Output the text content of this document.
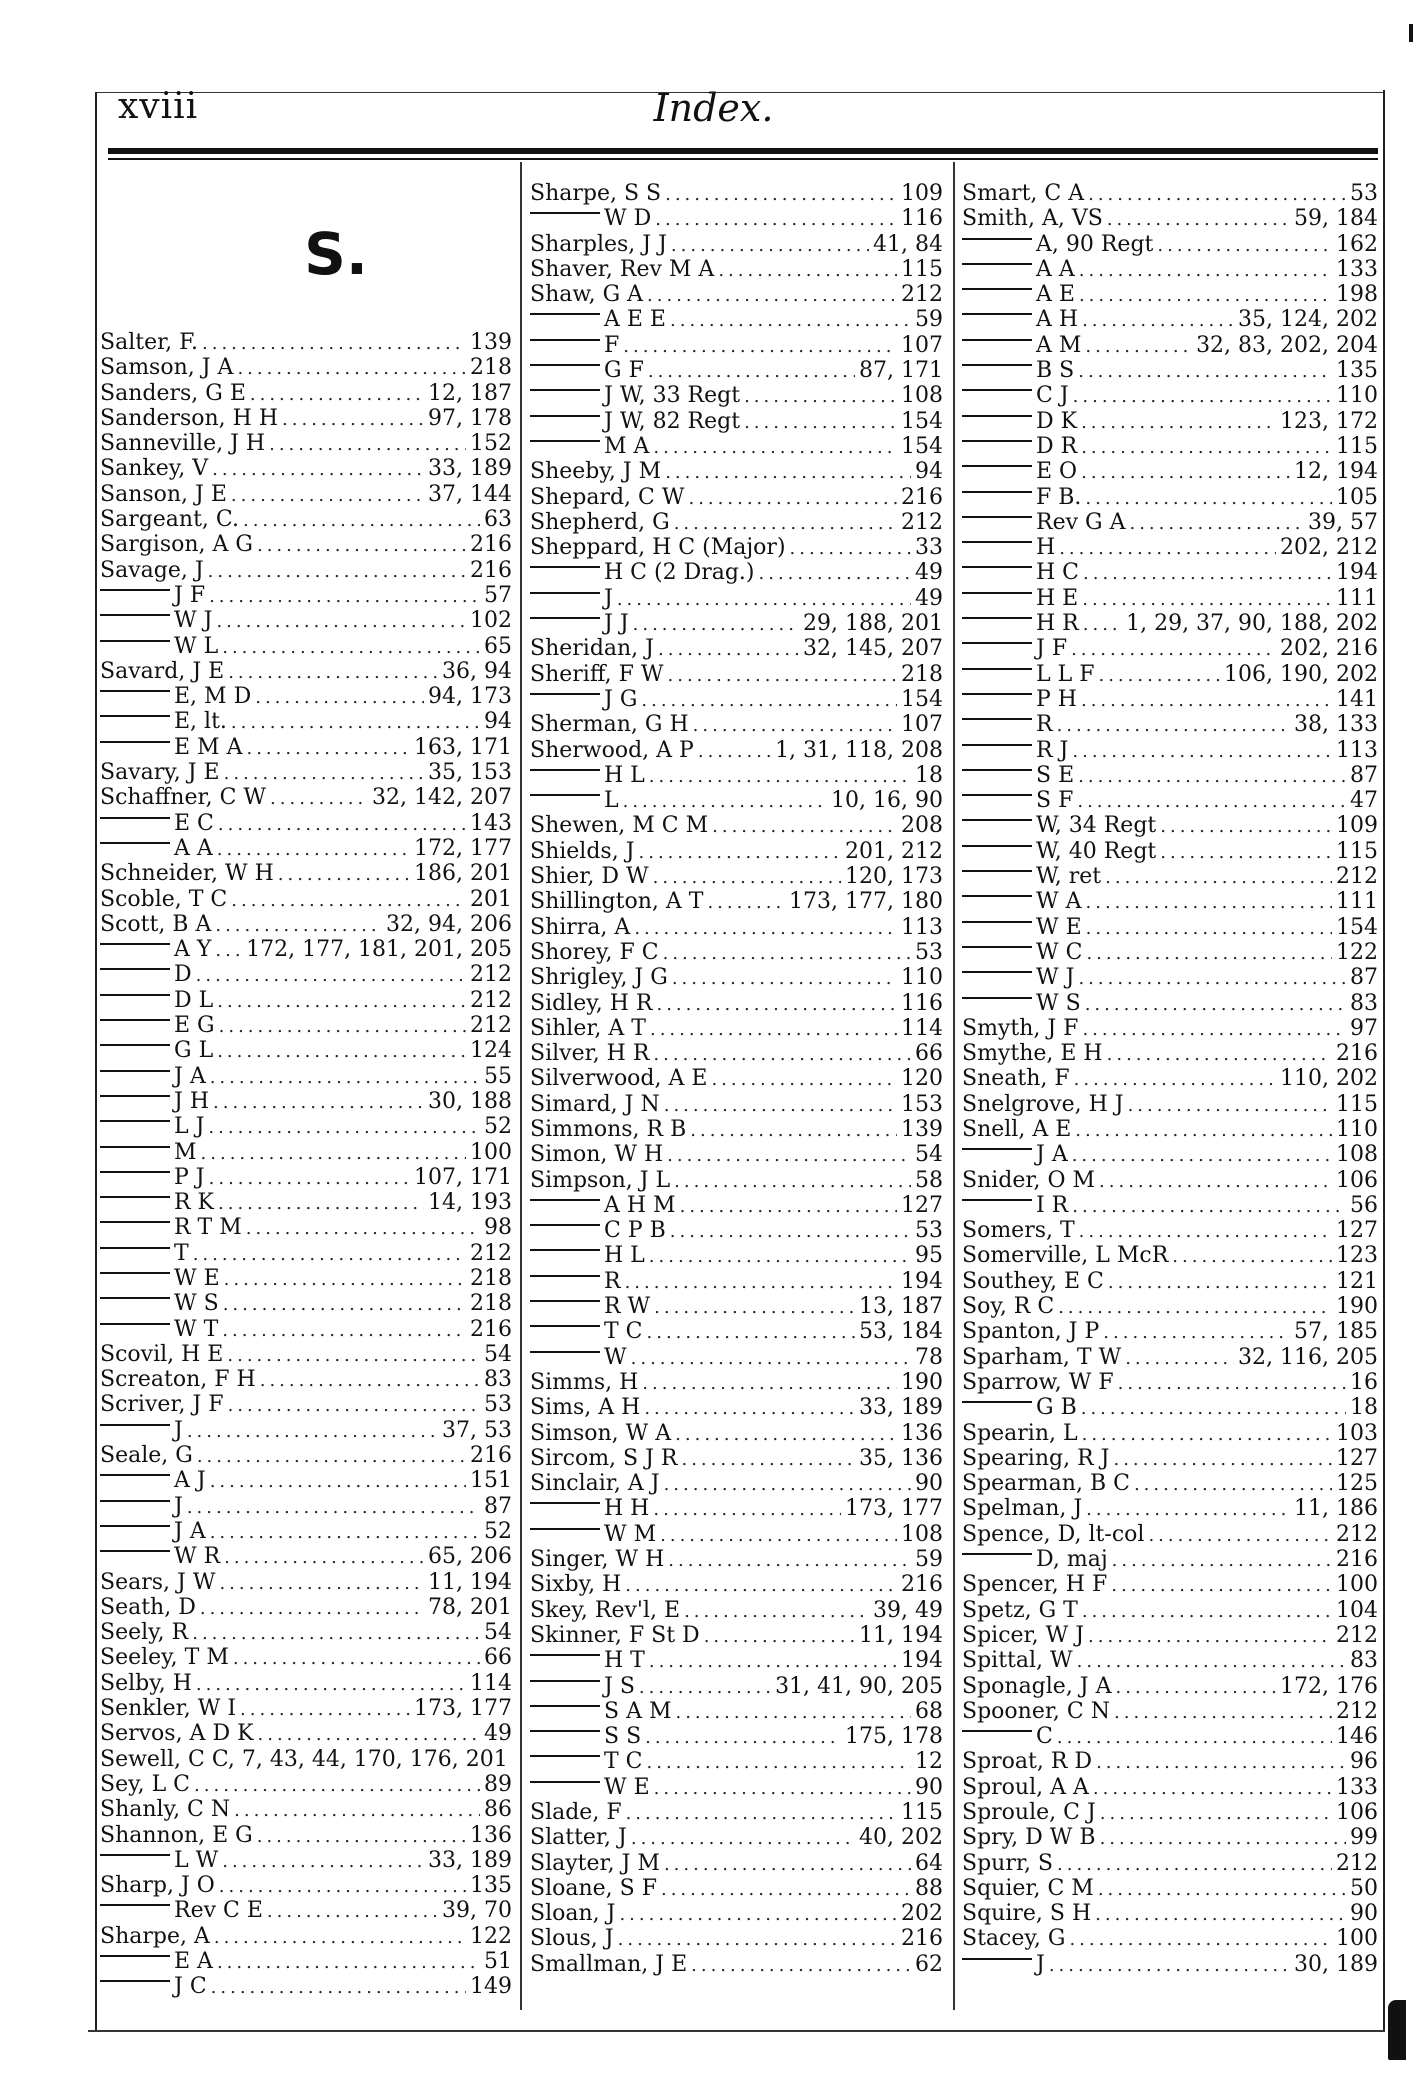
xviii	Index.
S.
Salter, F. .....	139
Samson, J A .....	218
Sanders, G E .....	12, 187
Sanderson, H H .....	97, 178
Sanneville, J H .....	152
Sankey, V .....	33, 189
Sanson, J E .....	37, 144
Sargeant, C. .....	63
Sargison, A G .....	216
Savage, J .....	216
J F .....	57
W J .....	102
W L .....	65
Savard, J E .....	36, 94
E, M D .....	94, 173
E, lt. .....	94
E M A .....	163, 171
Savary, J E .....	35, 153
Schaffner, C W .....	32, 142, 207
E C .....	143
A A .....	172, 177
Schneider, W H .....	186, 201
Scoble, T C .....	201
Scott, B A .....	32, 94, 206
A Y ..... 172, 177, 181, 201, 205
D .....	212
D L .....	212
E G .....	212
G L .....	124
J A .....	55
J H .....	30, 188
L J .....	52
M .....	100
P J .....	107, 171
R K .....	14, 193
R T M .....	98
T .....	212
W E .....	218
W S .....	218
W T .....	216
Scovil, H E .....	54
Screaton, F H .....	83
Scriver, J F .....	53
J .....	37, 53
Seale, G .....	216
A J .....	151
J .....	87
J A .....	52
W R .....	65, 206
Sears, J W .....	11, 194
Seath, D .....	78, 201
Seely, R .....	54
Seeley, T M .....	66
Selby, H .....	114
Senkler, W I .....	173, 177
Servos, A D K .....	49
Sewell, C C, 7, 43, 44, 170, 176, 201
Sey, L C .....	89
Shanly, C N .....	86
Shannon, E G .....	136
L W .....	33, 189
Sharp, J O .....	135
Rev C E .....	39, 70
Sharpe, A .....	122
E A .....	51
J C .....	149
Sharpe, S S .....	109
W D .....	116
Sharples, J J .....	41, 84
Shaver, Rev M A .....	115
Shaw, G A .....	212
A E E .....	59
F .....	107
G F .....	87, 171
J W, 33 Regt .....	108
J W, 82 Regt .....	154
M A .....	154
Sheeby, J M .....	94
Shepard, C W .....	216
Shepherd, G .....	212
Sheppard, H C (Major) .....	33
H C (2 Drag.) .....	49
J .....	49
J J .....	29, 188, 201
Sheridan, J .....	32, 145, 207
Sheriff, F W .....	218
J G .....	154
Sherman, G H .....	107
Sherwood, A P .....	1, 31, 118, 208
H L .....	18
L .....	10, 16, 90
Shewen, M C M .....	208
Shields, J .....	201, 212
Shier, D W .....	120, 173
Shillington, A T .....	173, 177, 180
Shirra, A .....	113
Shorey, F C .....	53
Shrigley, J G .....	110
Sidley, H R .....	116
Sihler, A T .....	114
Silver, H R .....	66
Silverwood, A E .....	120
Simard, J N .....	153
Simmons, R B .....	139
Simon, W H .....	54
Simpson, J L .....	58
A H M .....	127
C P B .....	53
H L .....	95
R .....	194
R W .....	13, 187
T C .....	53, 184
W .....	78
Simms, H .....	190
Sims, A H .....	33, 189
Simson, W A .....	136
Sircom, S J R .....	35, 136
Sinclair, A J .....	90
H H .....	173, 177
W M .....	108
Singer, W H .....	59
Sixby, H .....	216
Skey, Rev'l, E .....	39, 49
Skinner, F St D .....	11, 194
H T .....	194
J S .....	31, 41, 90, 205
S A M .....	68
S S .....	175, 178
T C .....	12
W E .....	90
Slade, F .....	115
Slatter, J .....	40, 202
Slayter, J M .....	64
Sloane, S F .....	88
Sloan, J .....	202
Slous, J .....	216
Smallman, J E .....	62
Smart, C A .....	53
Smith, A, VS .....	59, 184
A, 90 Regt .....	162
A A .....	133
A E .....	198
A H .....	35, 124, 202
A M .....	32, 83, 202, 204
B S .....	135
C J .....	110
D K .....	123, 172
D R .....	115
E O .....	12, 194
F B. .....	105
Rev G A .....	39, 57
H .....	202, 212
H C .....	194
H E .....	111
H R ..... 1, 29, 37, 90, 188, 202
J F .....	202, 216
L L F .....	106, 190, 202
P H .....	141
R .....	38, 133
R J .....	113
S E .....	87
S F .....	47
W, 34 Regt .....	109
W, 40 Regt .....	115
W, ret .....	212
W A .....	111
W E .....	154
W C .....	122
W J .....	87
W S .....	83
Smyth, J F .....	97
Smythe, E H .....	216
Sneath, F .....	110, 202
Snelgrove, H J .....	115
Snell, A E .....	110
J A .....	108
Snider, O M .....	106
I R .....	56
Somers, T .....	127
Somerville, L McR .....	123
Southey, E C .....	121
Soy, R C .....	190
Spanton, J P .....	57, 185
Sparham, T W .....	32, 116, 205
Sparrow, W F .....	16
G B .....	18
Spearin, L .....	103
Spearing, R J .....	127
Spearman, B C .....	125
Spelman, J .....	11, 186
Spence, D, lt-col .....	212
D, maj .....	216
Spencer, H F .....	100
Spetz, G T .....	104
Spicer, W J .....	212
Spittal, W .....	83
Sponagle, J A .....	172, 176
Spooner, C N .....	212
C .....	146
Sproat, R D .....	96
Sproul, A A .....	133
Sproule, C J .....	106
Spry, D W B .....	99
Spurr, S .....	212
Squier, C M .....	50
Squire, S H .....	90
Stacey, G .....	100
J .....	30, 189
